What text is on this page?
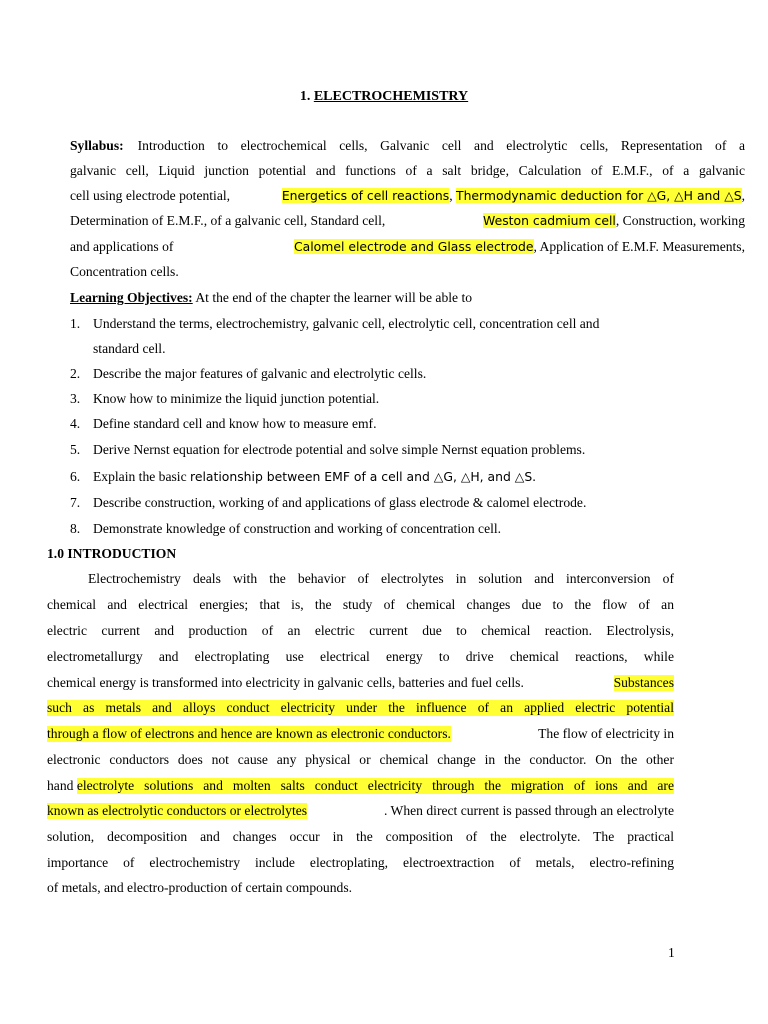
1. ELECTROCHEMISTRY
Syllabus: Introduction to electrochemical cells, Galvanic cell and electrolytic cells, Representation of a
galvanic cell, Liquid junction potential and functions of a salt bridge, Calculation of E.M.F., of a galvanic
cell using electrode potential,	Energetics of cell reactions, Thermodynamic deduction for △G, △H and △S,
Determination of E.M.F., of a galvanic cell, Standard cell,	Weston cadmium cell, Construction, working
and applications of	Calomel electrode and Glass electrode, Application of E.M.F. Measurements,
Concentration cells.
Learning Objectives: At the end of the chapter the learner will be able to
1. Understand the terms, electrochemistry, galvanic cell, electrolytic cell, concentration cell and
standard cell.
2. Describe the major features of galvanic and electrolytic cells.
3. Know how to minimize the liquid junction potential.
4. Define standard cell and know how to measure emf.
5. Derive Nernst equation for electrode potential and solve simple Nernst equation problems.
6. Explain the basic relationship between EMF of a cell and △G, △H, and △S.
7. Describe construction, working of and applications of glass electrode & calomel electrode.
8. Demonstrate knowledge of construction and working of concentration cell.
1.0 INTRODUCTION
Electrochemistry deals with the behavior of electrolytes in solution and interconversion of
chemical and electrical energies; that is, the study of chemical changes due to the flow of an
electric current and production of an electric current due to chemical reaction. Electrolysis,
electrometallurgy and electroplating use electrical energy to drive chemical reactions, while
chemical energy is transformed into electricity in galvanic cells, batteries and fuel cells.	Substances
such as metals and alloys conduct electricity under the influence of an applied electric potential
through a flow of electrons and hence are known as electronic conductors.	The flow of electricity in
electronic conductors does not cause any physical or chemical change in the conductor. On the other
hand electrolyte solutions and molten salts conduct electricity through the migration of ions and are
known as electrolytic conductors or electrolytes	. When direct current is passed through an electrolyte
solution, decomposition and changes occur in the composition of the electrolyte. The practical
importance of electrochemistry include electroplating, electroextraction of metals, electro-refining
of metals, and electro-production of certain compounds.
1
